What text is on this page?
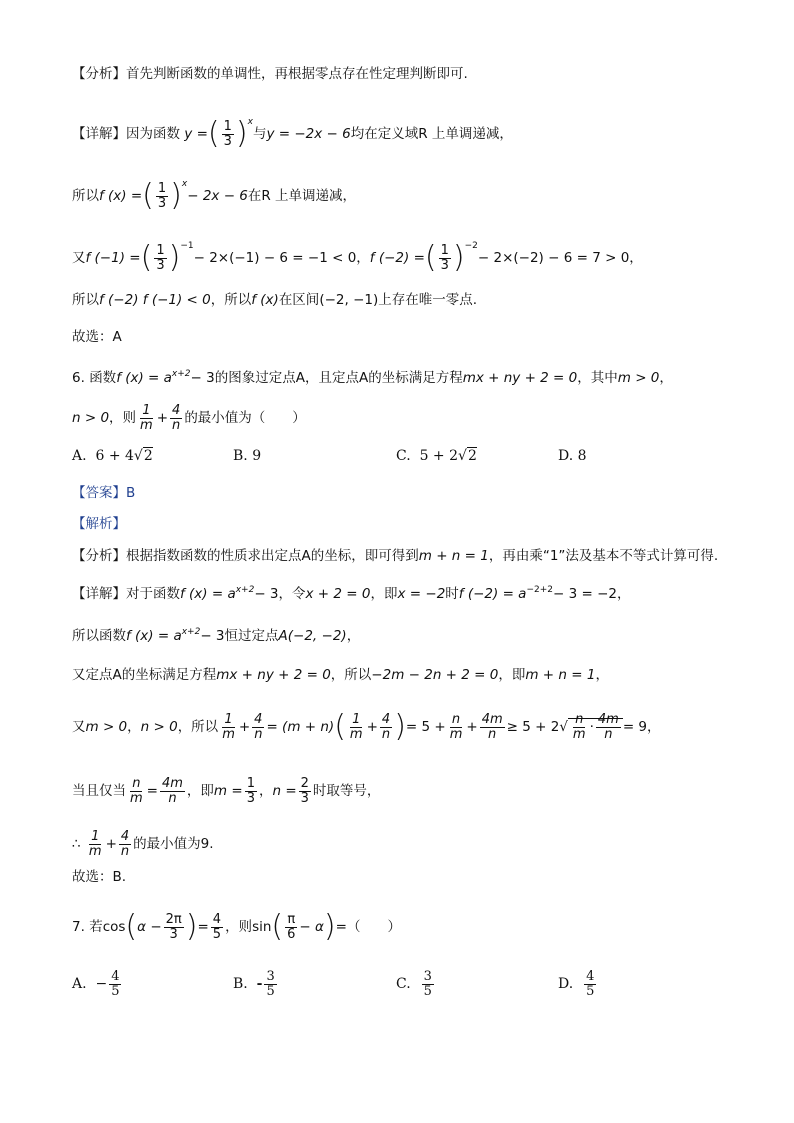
【分析】首先判断函数的单调性，再根据零点存在性定理判断即可.
【详解】因为函数 y =( $\frac{1}{3} )^x$与y = −2x − 6均在定义域R 上单调递减，
所以f (x) =( $\frac{1}{3} )^x- 2x - 6$在R 上单调递减，
又f (−1) =( $\frac{1}{3} )^{-1}- 2\times(-1) - 6 = -1 < 0$，f (−2) =( $\frac{1}{3} )^{-2}- 2\times(-2) - 6 = 7 > 0$，
所以f (−2) f (−1) < 0，所以f (x)在区间(−2, −1)上存在唯一零点.
故选：A
6. 函数f $(x) = a^{x+2}- 3$的图象过定点A，且定点A的坐标满足方程mx + ny + 2 = 0，其中m > 0，
n > 0，则 $\frac{1}{m} + \frac{4}{n}$ 的最小值为（　　）
A. 6 + 4√2	B. 9	C. 5 + 2√2	D. 8
【答案】B
【解析】
【分析】根据指数函数的性质求出定点A的坐标，即可得到m + n = 1，再由乘“1”法及基本不等式计算可得.
【详解】对于函数f $(x) = a^{x+2}- 3$，令x + 2 = 0，即x = −2时f $(-2) = a^{-2+2}- 3 = -2$，
所以函数f $(x) = a^{x+2}- 3$恒过定点A(−2, −2)，
又定点A的坐标满足方程mx + ny + 2 = 0，所以−2m − 2n + 2 = 0，即m + n = 1，
又m > 0，n > 0，所以 $\frac{1}{m} + \frac{4}{n} = (m + n)( \frac{1}{m} + \frac{4}{n}$ )= $5 + \frac{n}{m} + \frac{4m}{n} \ge 5 + 2√ \frac{n}{m} \cdot \frac{4m}{n} = 9$，
当且仅当 $\frac{n}{m} = \frac{4m}{n}$ ，即$m = \frac{1}{3}$ ，$n = \frac{2}{3}$ 时取等号，
∴ $\frac{1}{m} + \frac{4}{n}$ 的最小值为9.
故选：B.
7. 若$\cos(\alpha - \frac{2\pi}{3}$ )= $\frac{4}{5}$ ，则$\sin( \frac{\pi}{6} - \alpha)=$（　　）
A. − $\frac{4}{5}$	B. - $\frac{3}{5}$	C. $\frac{3}{5}$	D. $\frac{4}{5}$
